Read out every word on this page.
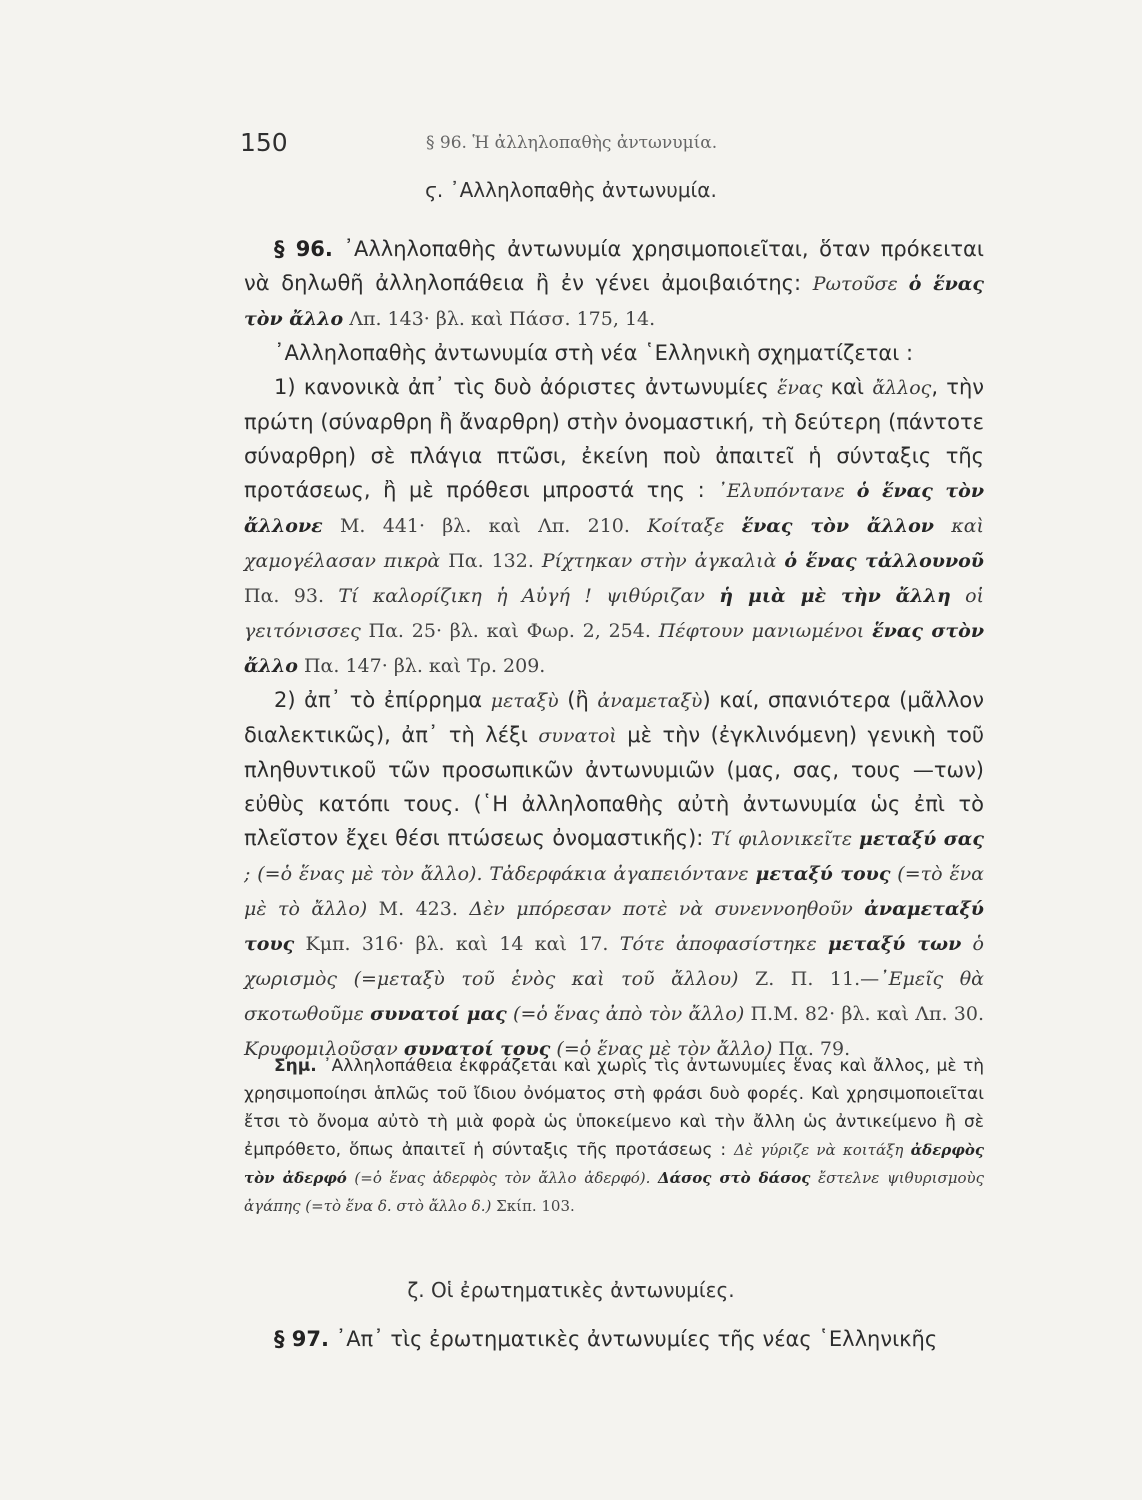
150	§ 96. Ἡ ἀλληλοπαθὴς ἀντωνυμία.
ϛ. ᾿Αλληλοπαθὴς ἀντωνυμία.

§ 96. ᾿Αλληλοπαθὴς ἀντωνυμία χρησιμοποιεῖται, ὅταν πρόκειται νὰ δηλωθῆ ἀλληλοπάθεια ἢ ἐν γένει ἀμοιβαιότης: Ρωτοῦσε ὁ ἕνας τὸν ἄλλο Λπ. 143· βλ. καὶ Πάσσ. 175, 14.

᾿Αλληλοπαθὴς ἀντωνυμία στὴ νέα ῾Ελληνικὴ σχηματίζεται :

1) κανονικὰ ἀπ᾿ τὶς δυὸ ἀόριστες ἀντωνυμίες ἕνας καὶ ἄλλος, τὴν πρώτη (σύναρθρη ἢ ἄναρθρη) στὴν ὀνομαστική, τὴ δεύτερη (πάντοτε σύναρθρη) σὲ πλάγια πτῶσι, ἐκείνη ποὺ ἀπαιτεῖ ἡ σύνταξις τῆς προτάσεως, ἢ μὲ πρόθεσι μπροστά της : ᾿Ελυπόντανε ὁ ἕνας τὸν ἄλλονε Μ. 441· βλ. καὶ Λπ. 210. Κοίταξε ἕνας τὸν ἄλλον καὶ χαμογέλασαν πικρὰ Πα. 132. Ρίχτηκαν στὴν ἀγκαλιὰ ὁ ἕνας τἀλλουνοῦ Πα. 93. Τί καλορίζικη ἡ Αὐγή ! ψιθύριζαν ἡ μιὰ μὲ τὴν ἄλλη οἱ γειτόνισσες Πα. 25· βλ. καὶ Φωρ. 2, 254. Πέφτουν μανιωμένοι ἕνας στὸν ἄλλο Πα. 147· βλ. καὶ Τρ. 209.

2) ἀπ᾿ τὸ ἐπίρρημα μεταξὺ (ἢ ἀναμεταξὺ) καί, σπανιότερα (μᾶλλον διαλεκτικῶς), ἀπ᾿ τὴ λέξι συνατοὶ μὲ τὴν (ἐγκλινόμενη) γενικὴ τοῦ πληθυντικοῦ τῶν προσωπικῶν ἀντωνυμιῶν (μας, σας, τους —των) εὐθὺς κατόπι τους. (῾Η ἀλληλοπαθὴς αὐτὴ ἀντωνυμία ὡς ἐπὶ τὸ πλεῖστον ἔχει θέσι πτώσεως ὀνομαστικῆς): Τί φιλονικεῖτε μεταξύ σας ; (=ὁ ἕνας μὲ τὸν ἄλλο). Τἀδερφάκια ἀγαπειόντανε μεταξύ τους (=τὸ ἕνα μὲ τὸ ἄλλο) Μ. 423. Δὲν μπόρεσαν ποτὲ νὰ συνεννοηθοῦν ἀναμεταξύ τους Κμπ. 316· βλ. καὶ 14 καὶ 17. Τότε ἀποφασίστηκε μεταξύ των ὁ χωρισμὸς (=μεταξὺ τοῦ ἑνὸς καὶ τοῦ ἄλλου) Ζ. Π. 11.—᾿Εμεῖς θὰ σκοτωθοῦμε συνατοί μας (=ὁ ἕνας ἀπὸ τὸν ἄλλο) Π.Μ. 82· βλ. καὶ Λπ. 30. Κρυφομιλοῦσαν συνατοί τους (=ὁ ἕνας μὲ τὸν ἄλλο) Πα. 79.

Σημ. ᾿Αλληλοπάθεια ἐκφράζεται καὶ χωρὶς τὶς ἀντωνυμίες ἕνας καὶ ἄλλος, μὲ τὴ χρησιμοποίησι ἁπλῶς τοῦ ἴδιου ὀνόματος στὴ φράσι δυὸ φορές. Καὶ χρησιμοποιεῖται ἔτσι τὸ ὄνομα αὐτὸ τὴ μιὰ φορὰ ὡς ὑποκείμενο καὶ τὴν ἄλλη ὡς ἀντικείμενο ἢ σὲ ἐμπρόθετο, ὅπως ἀπαιτεῖ ἡ σύνταξις τῆς προτάσεως : Δὲ γύριζε νὰ κοιτάξη ἀδερφὸς τὸν ἀδερφό (=ὁ ἕνας ἀδερφὸς τὸν ἄλλο ἀδερφό). Δάσος στὸ δάσος ἔστελνε ψιθυρισμοὺς ἀγάπης (=τὸ ἕνα δ. στὸ ἄλλο δ.) Σκίπ. 103.

ζ. Οἱ ἐρωτηματικὲς ἀντωνυμίες.

§ 97. ᾿Απ᾿ τὶς ἐρωτηματικὲς ἀντωνυμίες τῆς νέας ῾Ελληνικῆς
